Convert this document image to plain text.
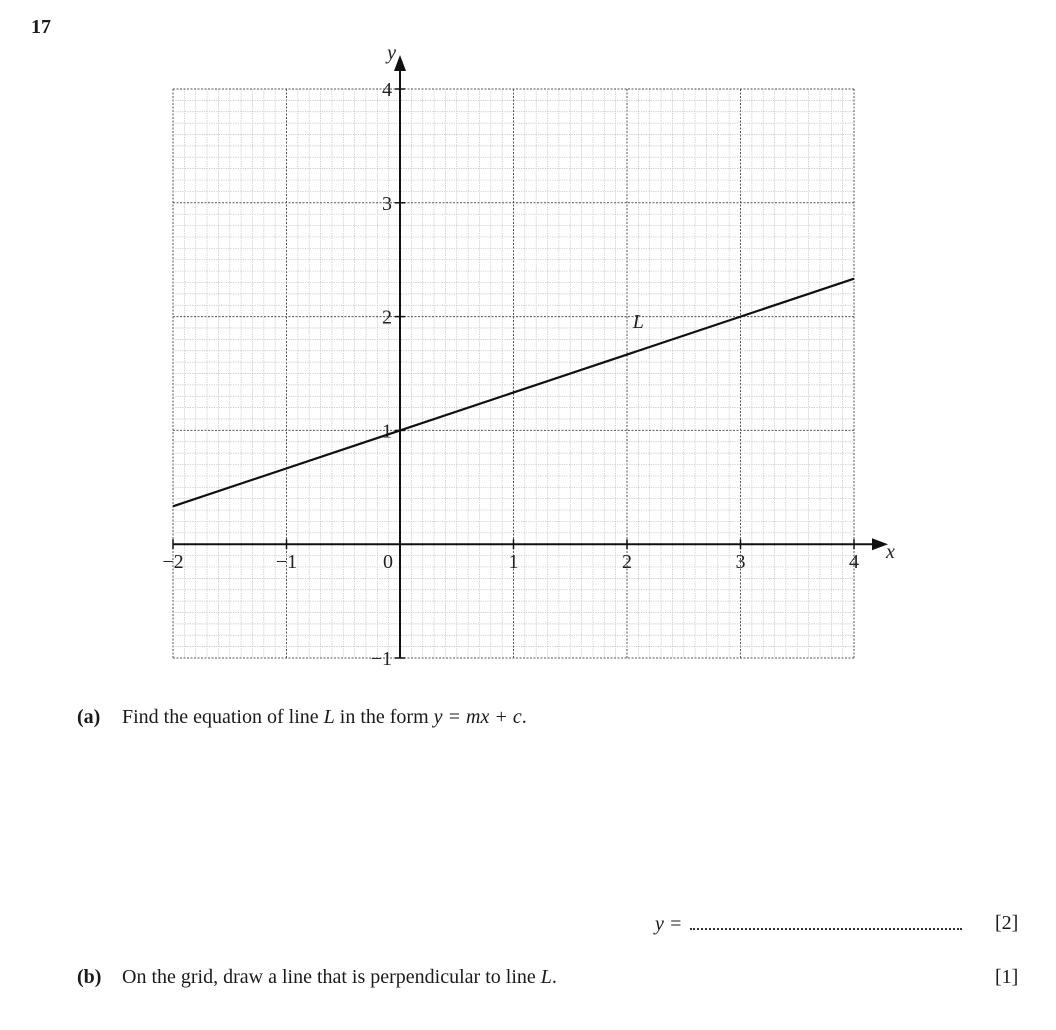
17
−2	−1	0	1	2	3	4
−1
1
2
3
4
x
y
L
(a) Find the equation of line L in the form y = mx + c.
y =	[2]
(b) On the grid, draw a line that is perpendicular to line L.	[1]
